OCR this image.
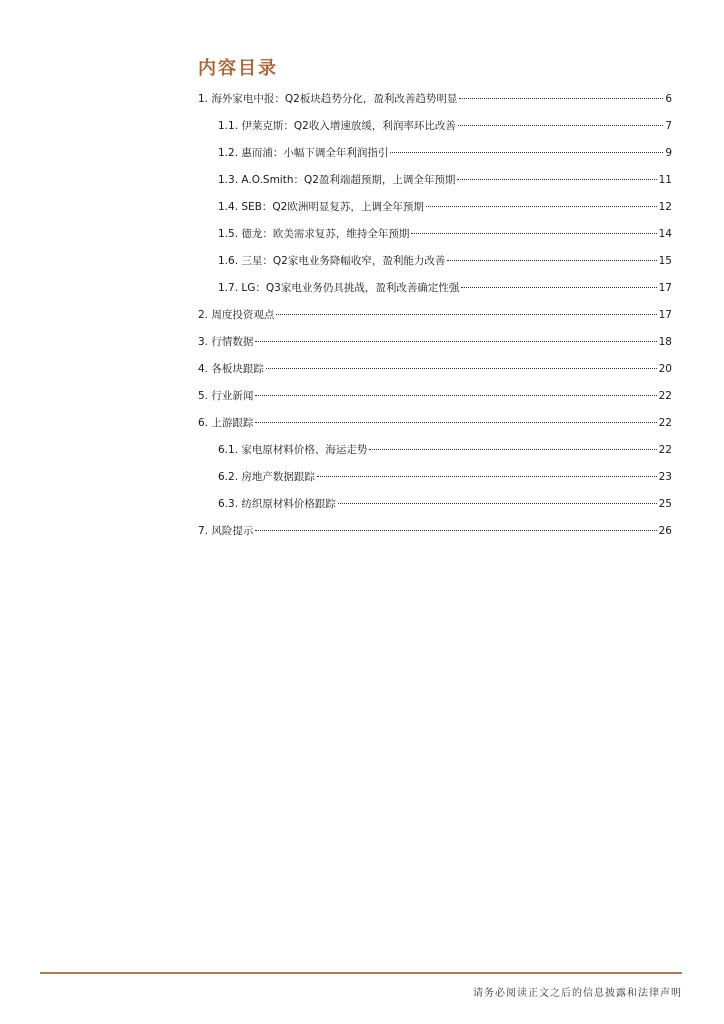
内容目录
1. 海外家电中报：Q2板块趋势分化，盈利改善趋势明显	6
1.1. 伊莱克斯：Q2收入增速放缓，利润率环比改善	7
1.2. 惠而浦：小幅下调全年利润指引	9
1.3. A.O.Smith：Q2盈利端超预期，上调全年预期	11
1.4. SEB：Q2欧洲明显复苏，上调全年预期	12
1.5. 德龙：欧美需求复苏，维持全年预期	14
1.6. 三星：Q2家电业务降幅收窄，盈利能力改善	15
1.7. LG：Q3家电业务仍具挑战，盈利改善确定性强	17
2. 周度投资观点	17
3. 行情数据	18
4. 各板块跟踪	20
5. 行业新闻	22
6. 上游跟踪	22
6.1. 家电原材料价格、海运走势	22
6.2. 房地产数据跟踪	23
6.3. 纺织原材料价格跟踪	25
7. 风险提示	26
请务必阅读正文之后的信息披露和法律声明
